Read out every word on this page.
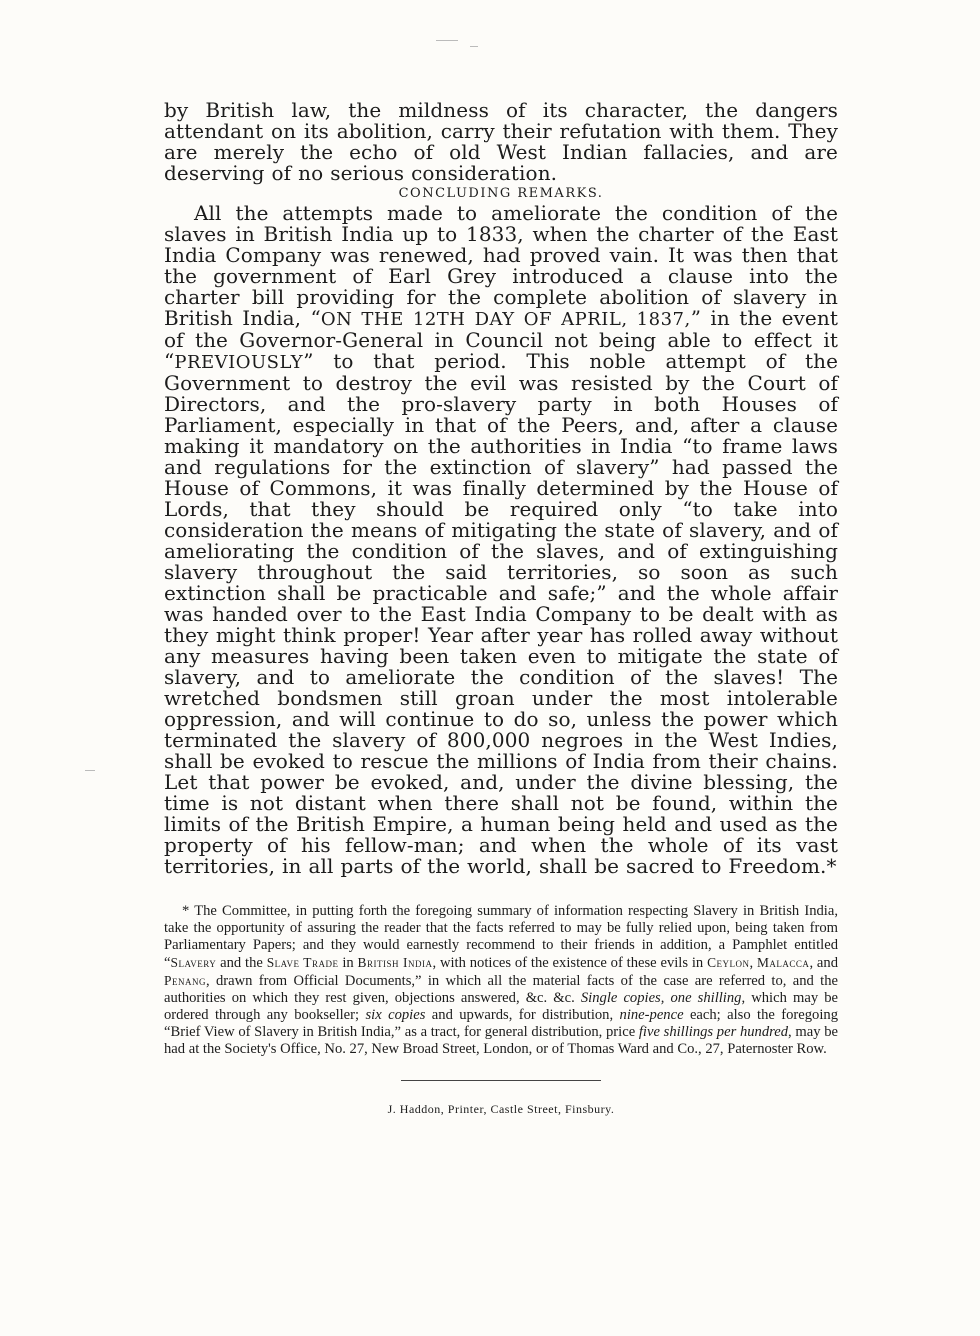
by British law, the mildness of its character, the dangers attendant on its abolition, carry their refutation with them. They are merely the echo of old West Indian fallacies, and are deserving of no serious consideration.

CONCLUDING REMARKS.

All the attempts made to ameliorate the condition of the slaves in British India up to 1833, when the charter of the East India Company was renewed, had proved vain. It was then that the government of Earl Grey introduced a clause into the charter bill providing for the complete abolition of slavery in British India, “ON THE 12TH DAY OF APRIL, 1837,” in the event of the Governor-General in Council not being able to effect it “PREVIOUSLY” to that period. This noble attempt of the Government to destroy the evil was resisted by the Court of Directors, and the pro-slavery party in both Houses of Parliament, especially in that of the Peers, and, after a clause making it mandatory on the authorities in India “to frame laws and regulations for the extinction of slavery” had passed the House of Commons, it was finally determined by the House of Lords, that they should be required only “to take into consideration the means of mitigating the state of slavery, and of ameliorating the condition of the slaves, and of extinguishing slavery throughout the said territories, so soon as such extinction shall be practicable and safe;” and the whole affair was handed over to the East India Company to be dealt with as they might think proper! Year after year has rolled away without any measures having been taken even to mitigate the state of slavery, and to ameliorate the condition of the slaves! The wretched bondsmen still groan under the most intolerable oppression, and will continue to do so, unless the power which terminated the slavery of 800,000 negroes in the West Indies, shall be evoked to rescue the millions of India from their chains. Let that power be evoked, and, under the divine blessing, the time is not distant when there shall not be found, within the limits of the British Empire, a human being held and used as the property of his fellow-man; and when the whole of its vast territories, in all parts of the world, shall be sacred to Freedom.*

* The Committee, in putting forth the foregoing summary of information respecting Slavery in British India, take the opportunity of assuring the reader that the facts referred to may be fully relied upon, being taken from Parliamentary Papers; and they would earnestly recommend to their friends in addition, a Pamphlet entitled “Slavery and the Slave Trade in British India, with notices of the existence of these evils in Ceylon, Malacca, and Penang, drawn from Official Documents,” in which all the material facts of the case are referred to, and the authorities on which they rest given, objections answered, &c. &c. Single copies, one shilling, which may be ordered through any bookseller; six copies and upwards, for distribution, nine-pence each; also the foregoing “Brief View of Slavery in British India,” as a tract, for general distribution, price five shillings per hundred, may be had at the Society's Office, No. 27, New Broad Street, London, or of Thomas Ward and Co., 27, Paternoster Row.

J. Haddon, Printer, Castle Street, Finsbury.
